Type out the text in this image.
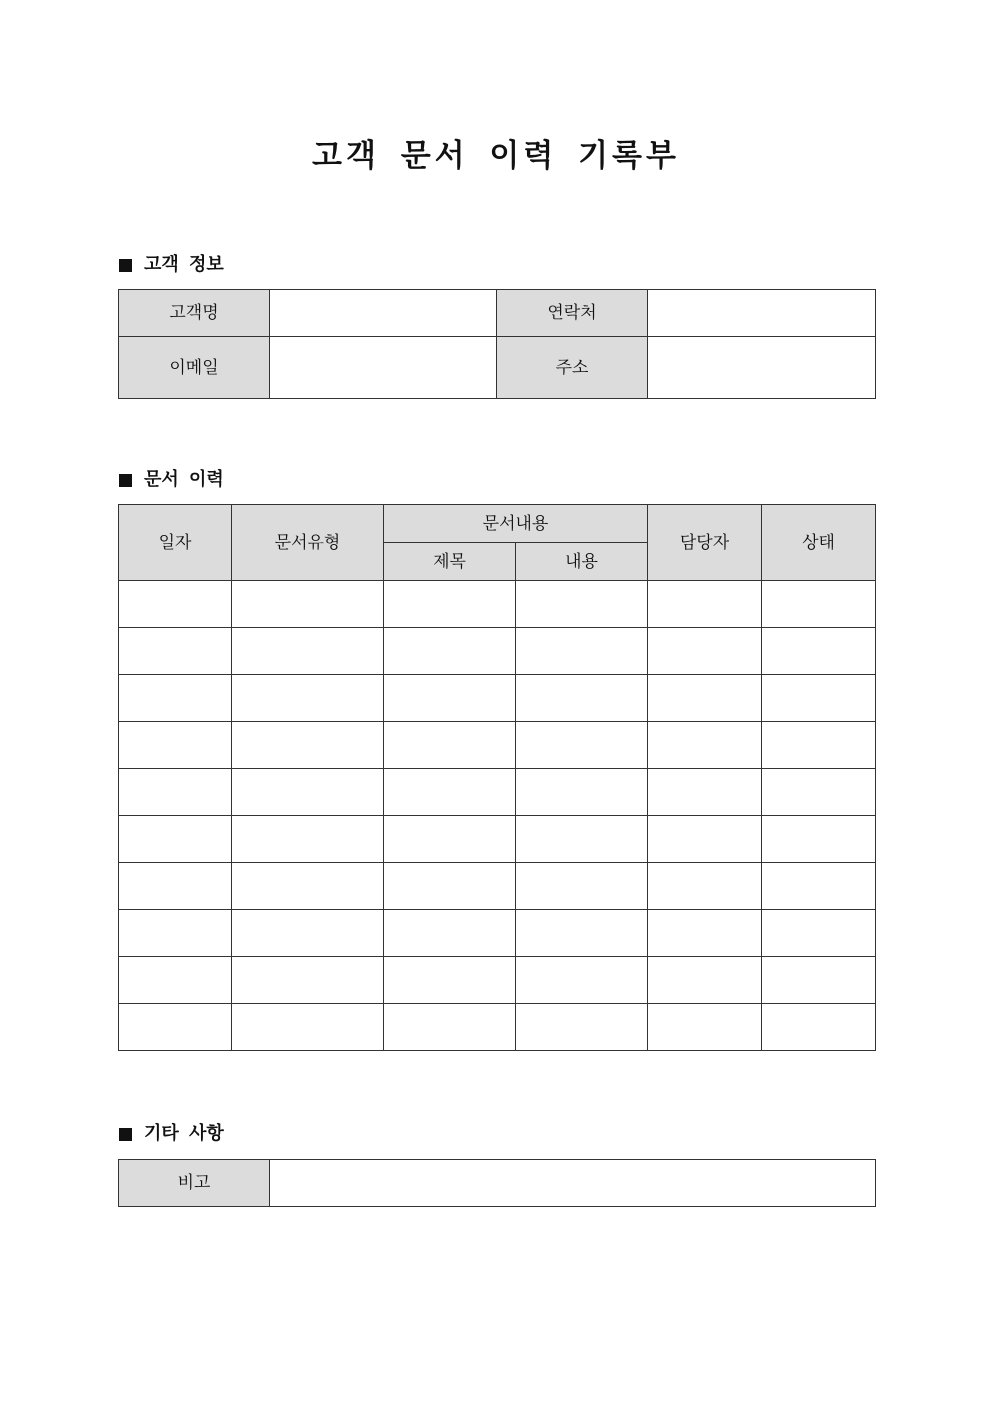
고객 문서 이력 기록부
고객 정보
고객명		연락처	
이메일		주소	
문서 이력
일자	문서유형	문서내용		담당자	상태
		제목	내용		

기타 사항
비고	
